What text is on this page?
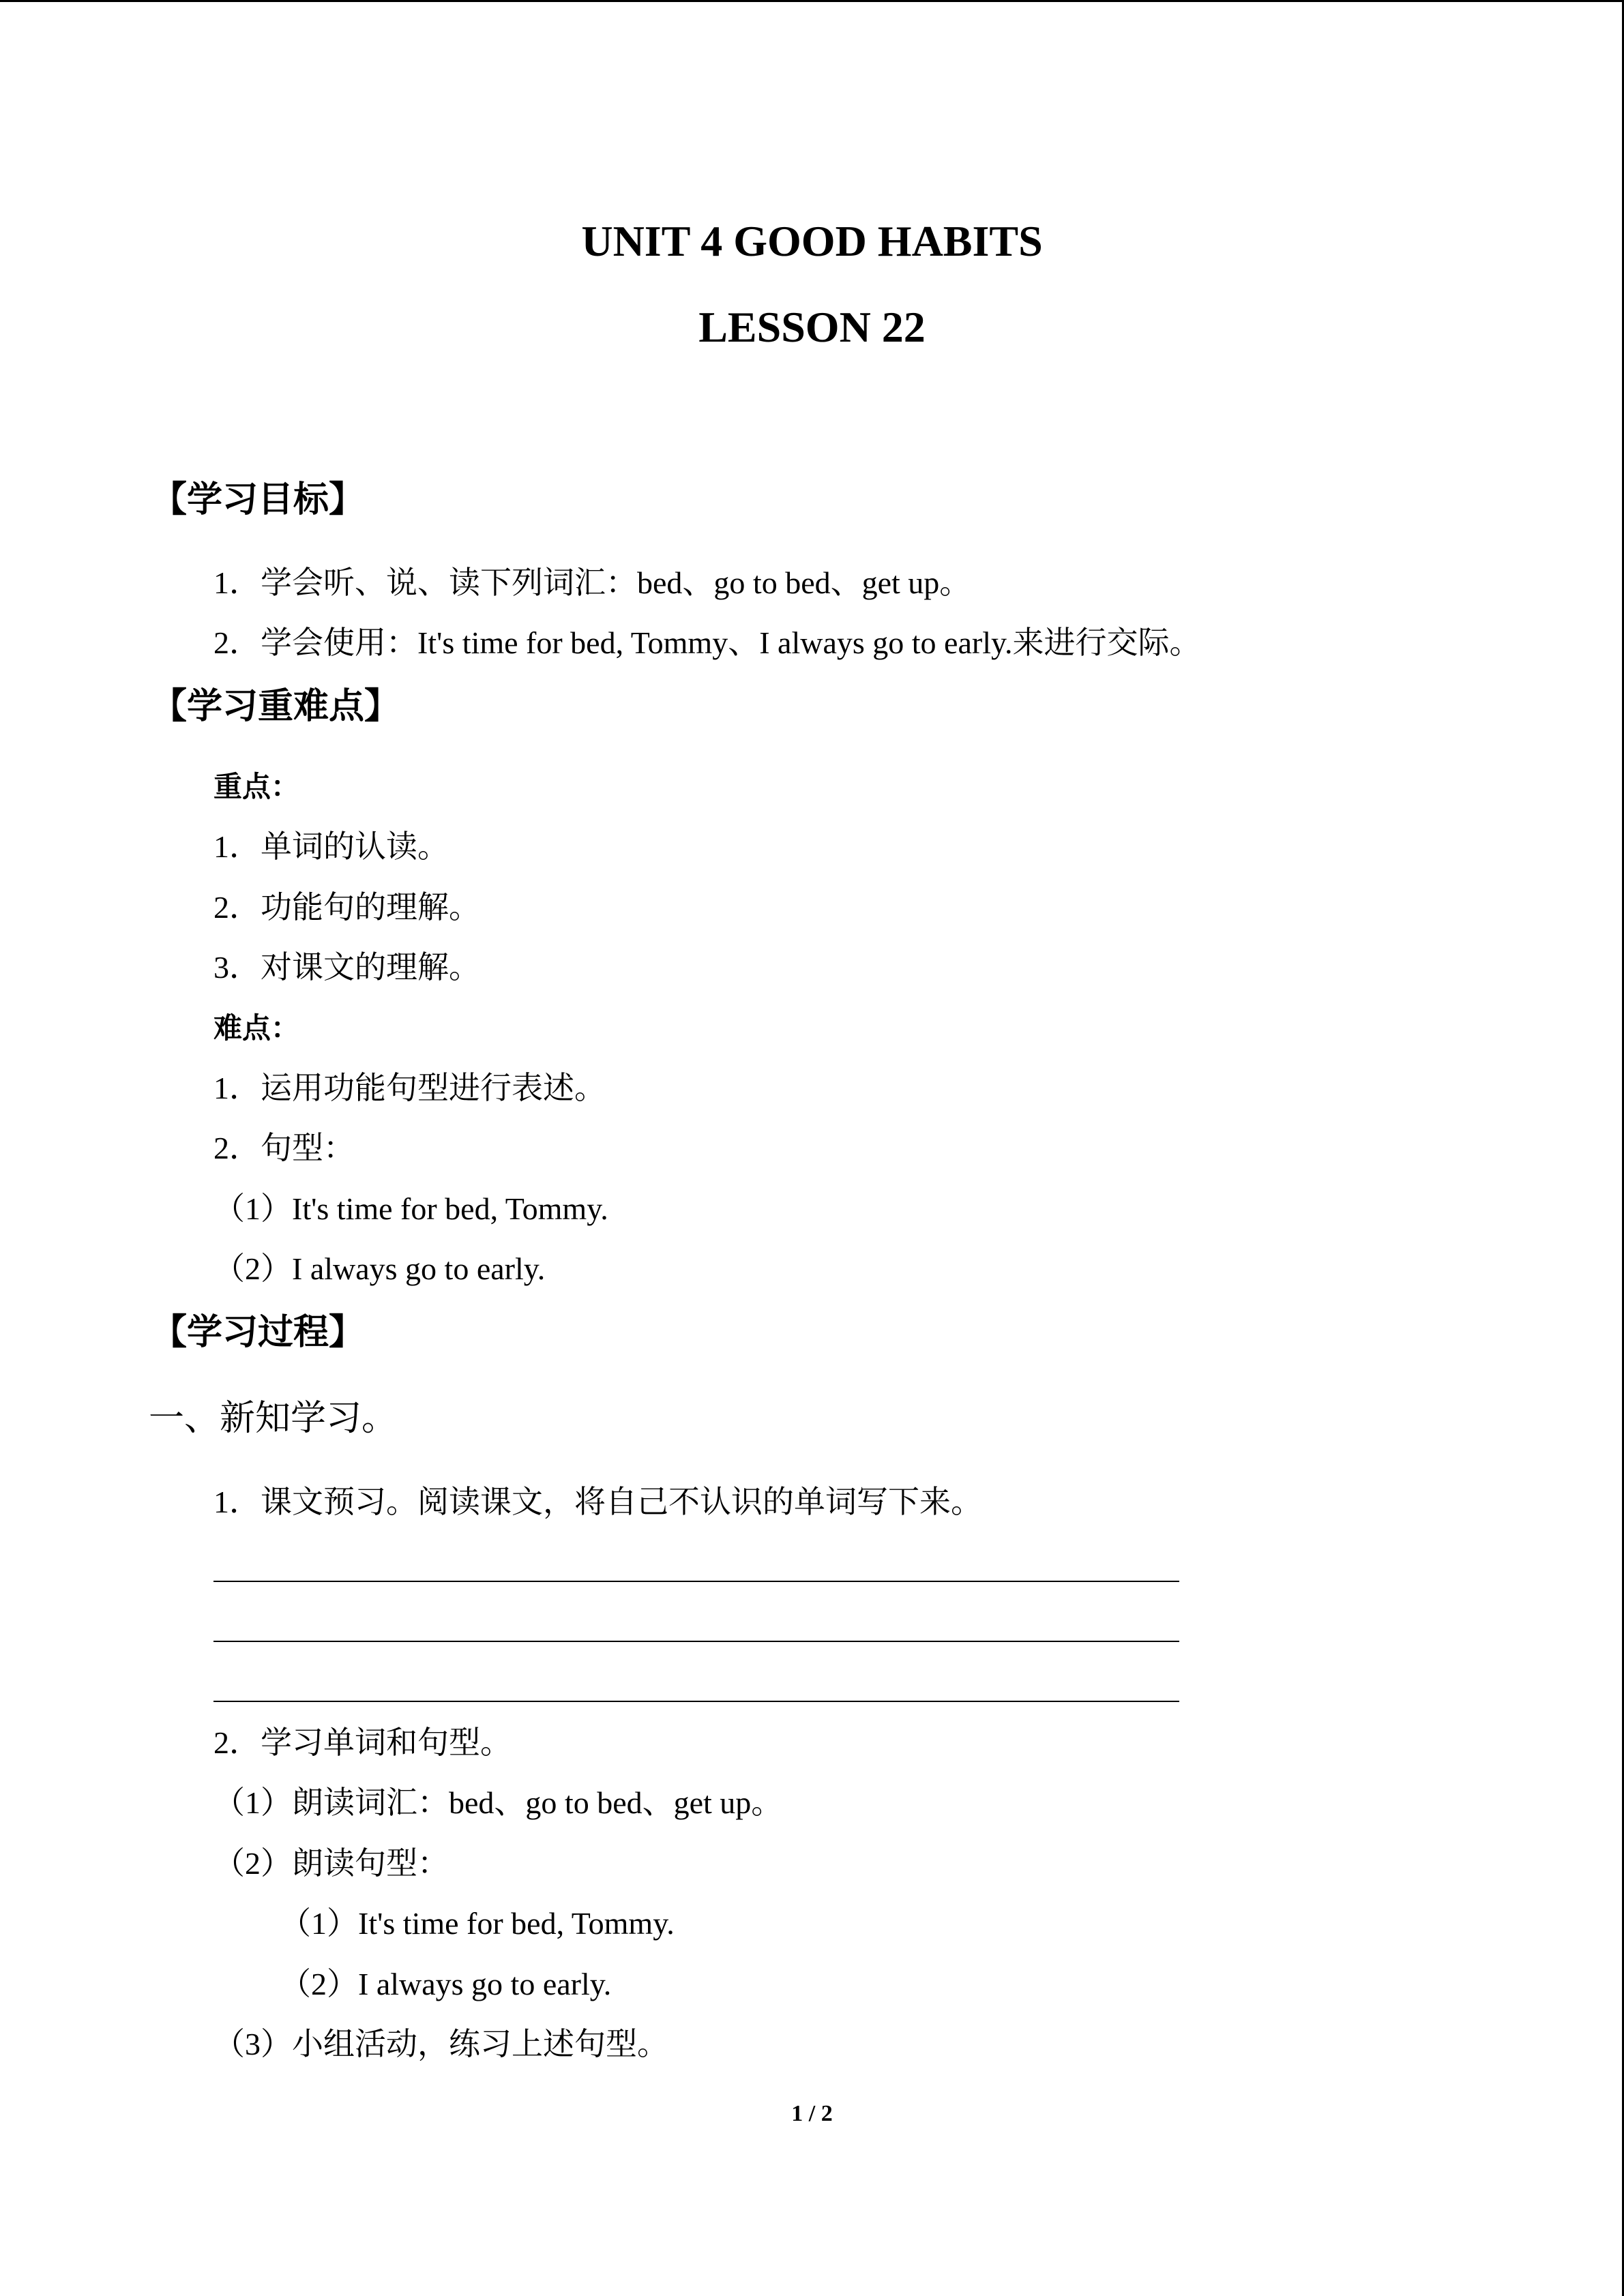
UNIT 4 GOOD HABITS
LESSON 22
【学习目标】
1．学会听、说、读下列词汇：bed、go to bed、get up。
2．学会使用：It's time for bed, Tommy、I always go to early.来进行交际。
【学习重难点】
重点：
1．单词的认读。
2．功能句的理解。
3．对课文的理解。
难点：
1．运用功能句型进行表述。
2．句型：
（1）It's time for bed, Tommy.
（2）I always go to early.
【学习过程】
一、新知学习。
1．课文预习。阅读课文，将自己不认识的单词写下来。
2．学习单词和句型。
（1）朗读词汇：bed、go to bed、get up。
（2）朗读句型：
（1）It's time for bed, Tommy.
（2）I always go to early.
（3）小组活动，练习上述句型。
1 / 2
